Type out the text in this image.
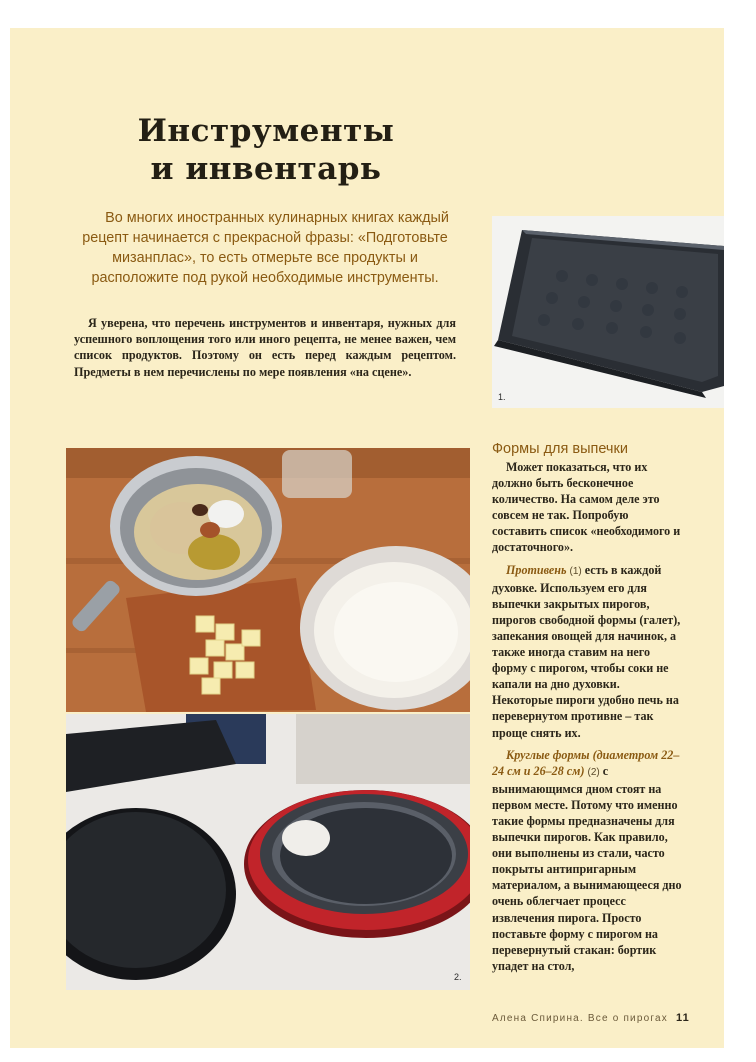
Инструменты
и инвентарь

Во многих иностранных кулинарных книгах каждый рецепт начинается с прекрасной фразы: «Подготовьте мизанплас», то есть отмерьте все продукты и расположите под рукой необходимые инструменты.

Я уверена, что перечень инструментов и инвентаря, нужных для успешного воплощения того или иного рецепта, не менее важен, чем список продуктов. Поэтому он есть перед каждым рецептом. Предметы в нем перечислены по мере появления «на сцене».

1.
2.
Формы для выпечки

Может показаться, что их должно быть бесконечное количество. На самом деле это совсем не так. Попробую составить список «необходимого и достаточного».

Противень (1) есть в каждой духовке. Используем его для выпечки закрытых пирогов, пирогов свободной формы (галет), запекания овощей для начинок, а также иногда ставим на него форму с пирогом, чтобы соки не капали на дно духовки. Некоторые пироги удобно печь на перевернутом противне – так проще снять их.

Круглые формы (диаметром 22–24 см и 26–28 см) (2) с вынимающимся дном стоят на первом месте. Потому что именно такие формы предназначены для выпечки пирогов. Как правило, они выполнены из стали, часто покрыты антипригарным материалом, а вынимающееся дно очень облегчает процесс извлечения пирога. Просто поставьте форму с пирогом на перевернутый стакан: бортик упадет на стол,

Алена Спирина. Все о пирогах 11
